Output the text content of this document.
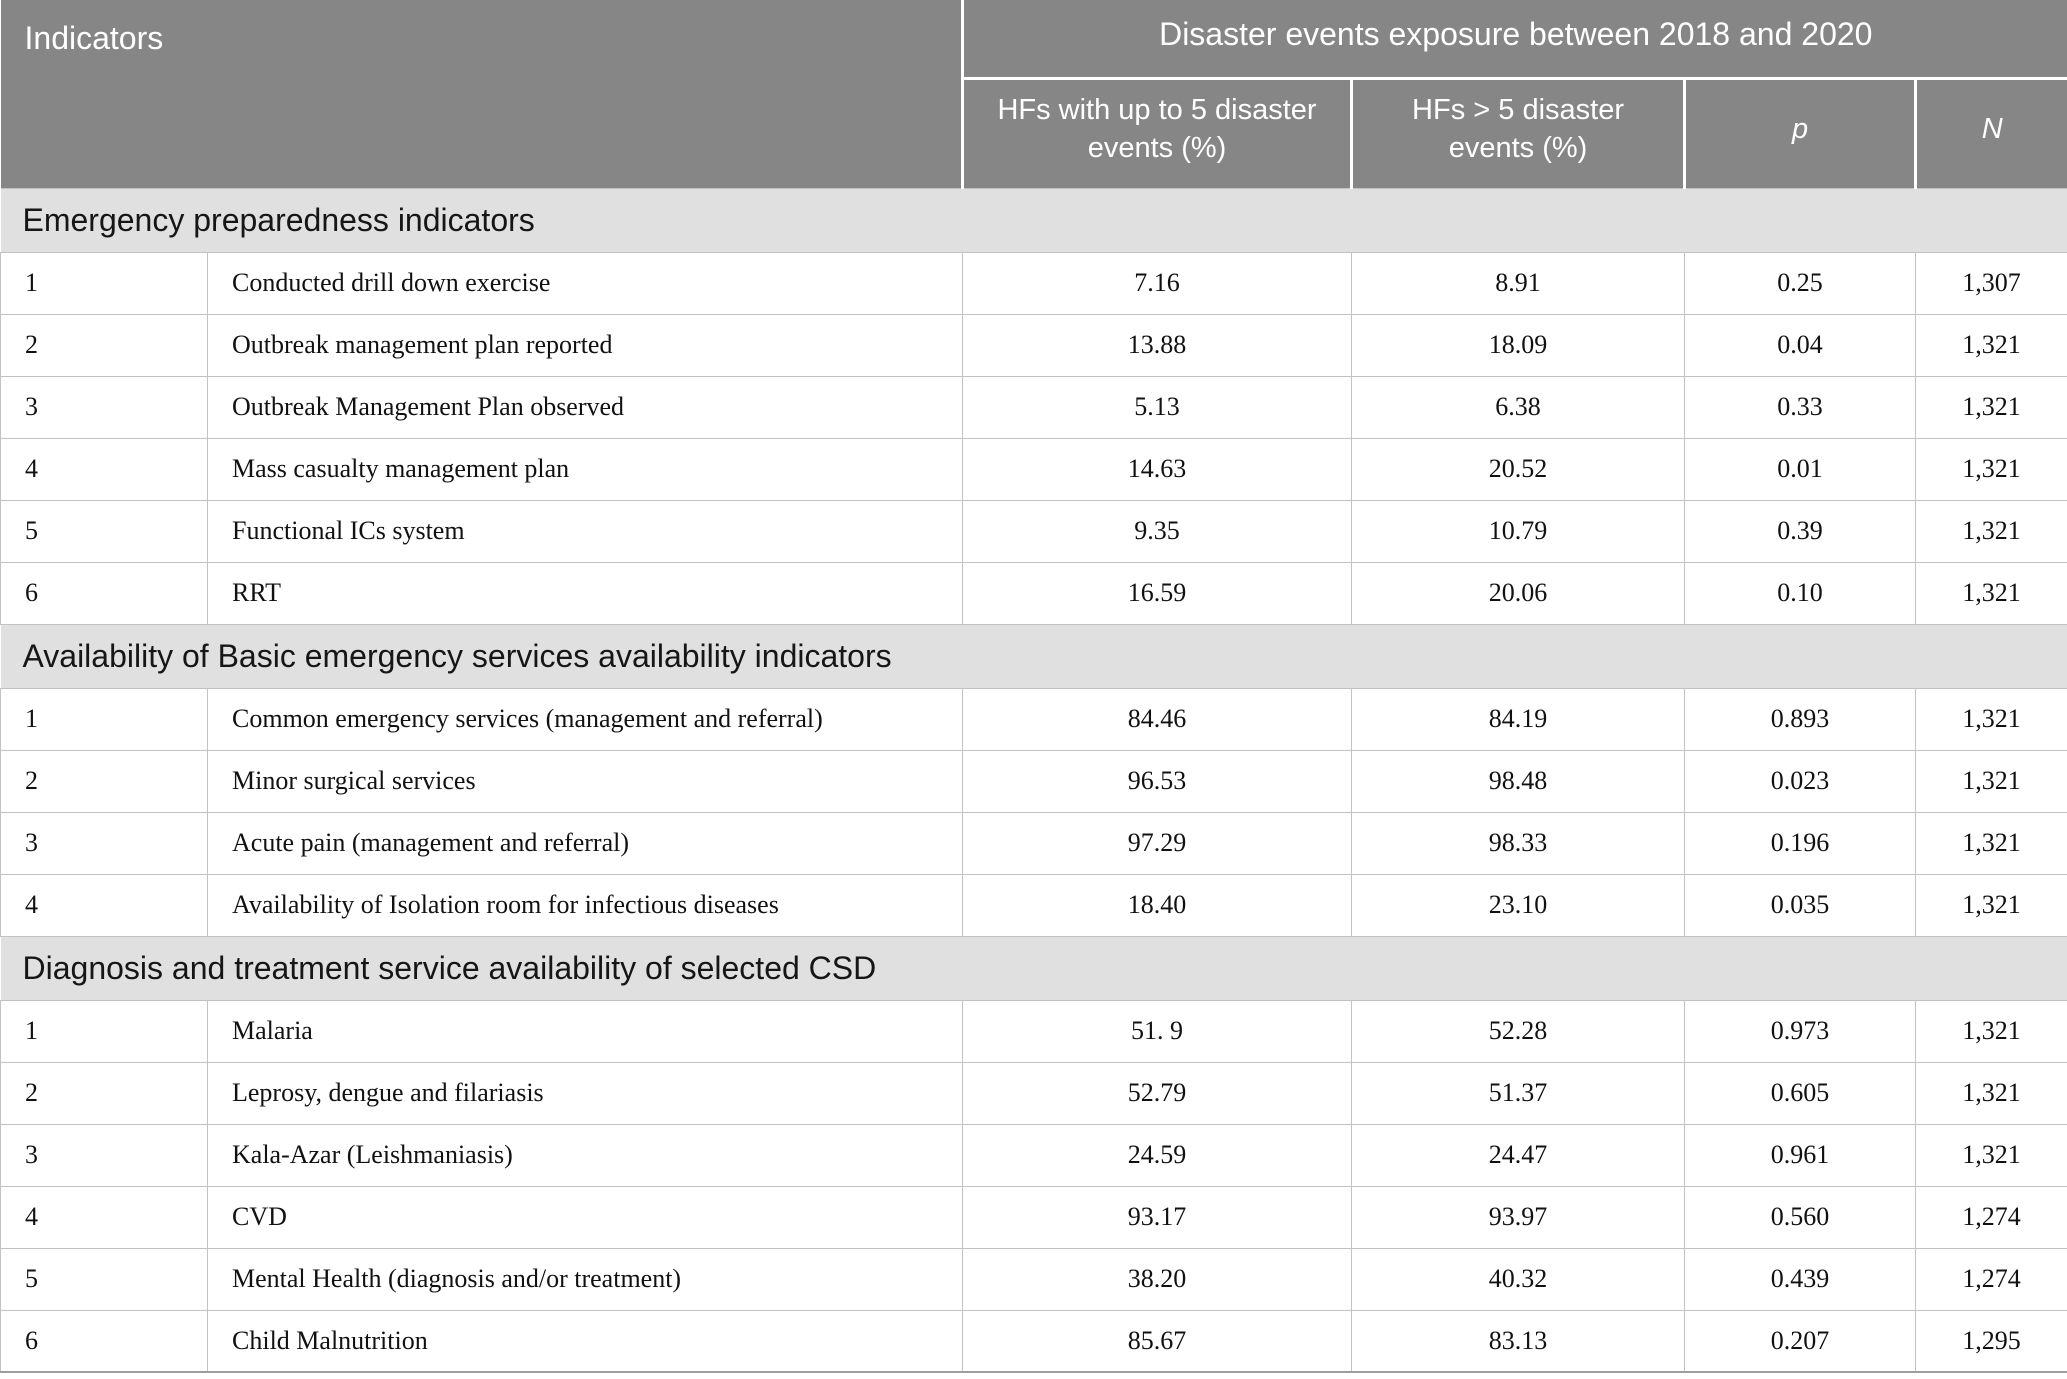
Indicators		Disaster events exposure between 2018 and 2020			
		HFs with up to 5 disaster events (%)	HFs > 5 disaster events (%)	p	N
Emergency preparedness indicators					
1	Conducted drill down exercise	7.16	8.91	0.25	1,307
2	Outbreak management plan reported	13.88	18.09	0.04	1,321
3	Outbreak Management Plan observed	5.13	6.38	0.33	1,321
4	Mass casualty management plan	14.63	20.52	0.01	1,321
5	Functional ICs system	9.35	10.79	0.39	1,321
6	RRT	16.59	20.06	0.10	1,321
Availability of Basic emergency services availability indicators					
1	Common emergency services (management and referral)	84.46	84.19	0.893	1,321
2	Minor surgical services	96.53	98.48	0.023	1,321
3	Acute pain (management and referral)	97.29	98.33	0.196	1,321
4	Availability of Isolation room for infectious diseases	18.40	23.10	0.035	1,321
Diagnosis and treatment service availability of selected CSD					
1	Malaria	51. 9	52.28	0.973	1,321
2	Leprosy, dengue and filariasis	52.79	51.37	0.605	1,321
3	Kala-Azar (Leishmaniasis)	24.59	24.47	0.961	1,321
4	CVD	93.17	93.97	0.560	1,274
5	Mental Health (diagnosis and/or treatment)	38.20	40.32	0.439	1,274
6	Child Malnutrition	85.67	83.13	0.207	1,295
